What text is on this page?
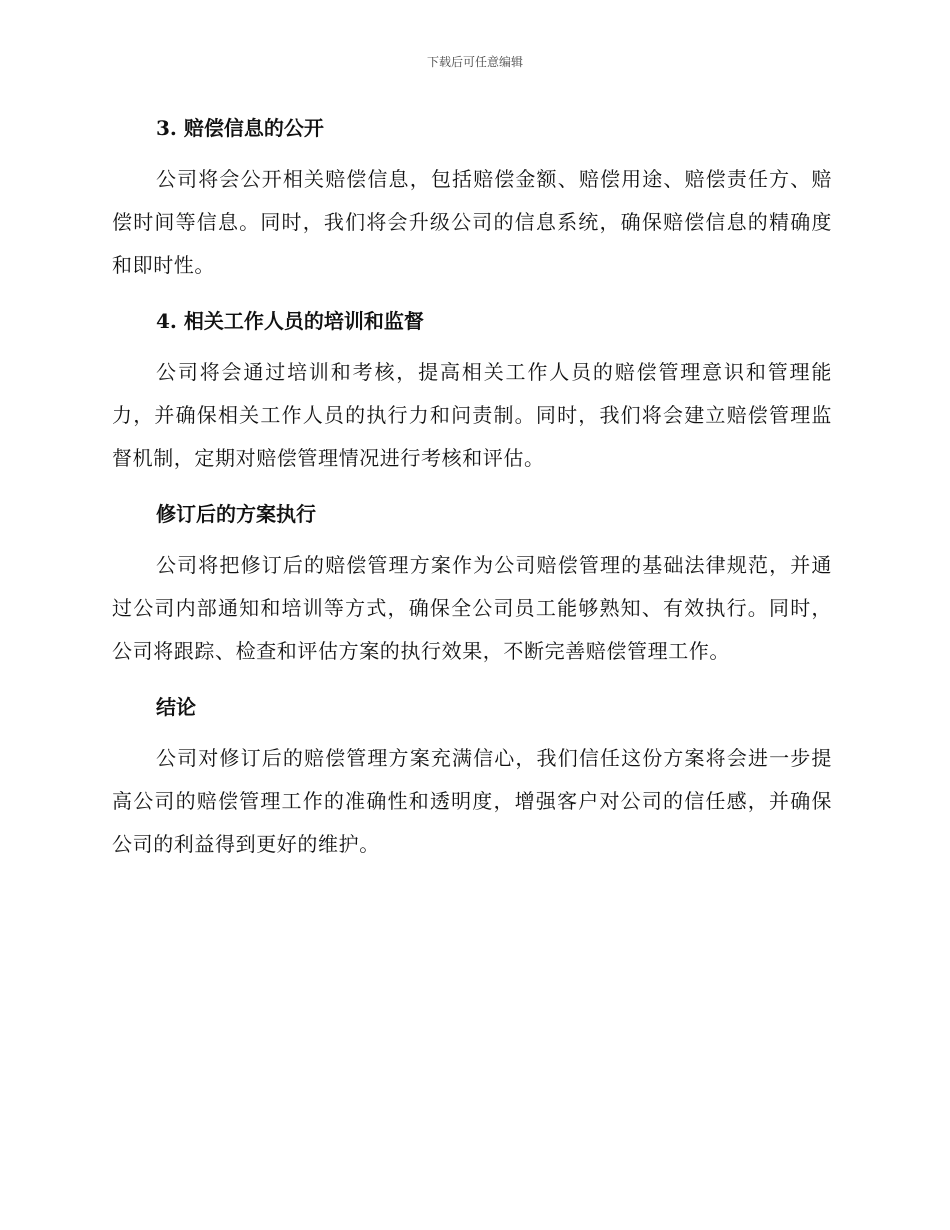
下载后可任意编辑
3. 赔偿信息的公开

公司将会公开相关赔偿信息，包括赔偿金额、赔偿用途、赔偿责任方、赔偿时间等信息。同时，我们将会升级公司的信息系统，确保赔偿信息的精确度和即时性。

4. 相关工作人员的培训和监督

公司将会通过培训和考核，提高相关工作人员的赔偿管理意识和管理能力，并确保相关工作人员的执行力和问责制。同时，我们将会建立赔偿管理监督机制，定期对赔偿管理情况进行考核和评估。

修订后的方案执行

公司将把修订后的赔偿管理方案作为公司赔偿管理的基础法律规范，并通过公司内部通知和培训等方式，确保全公司员工能够熟知、有效执行。同时，公司将跟踪、检查和评估方案的执行效果，不断完善赔偿管理工作。

结论

公司对修订后的赔偿管理方案充满信心，我们信任这份方案将会进一步提高公司的赔偿管理工作的准确性和透明度，增强客户对公司的信任感，并确保公司的利益得到更好的维护。
